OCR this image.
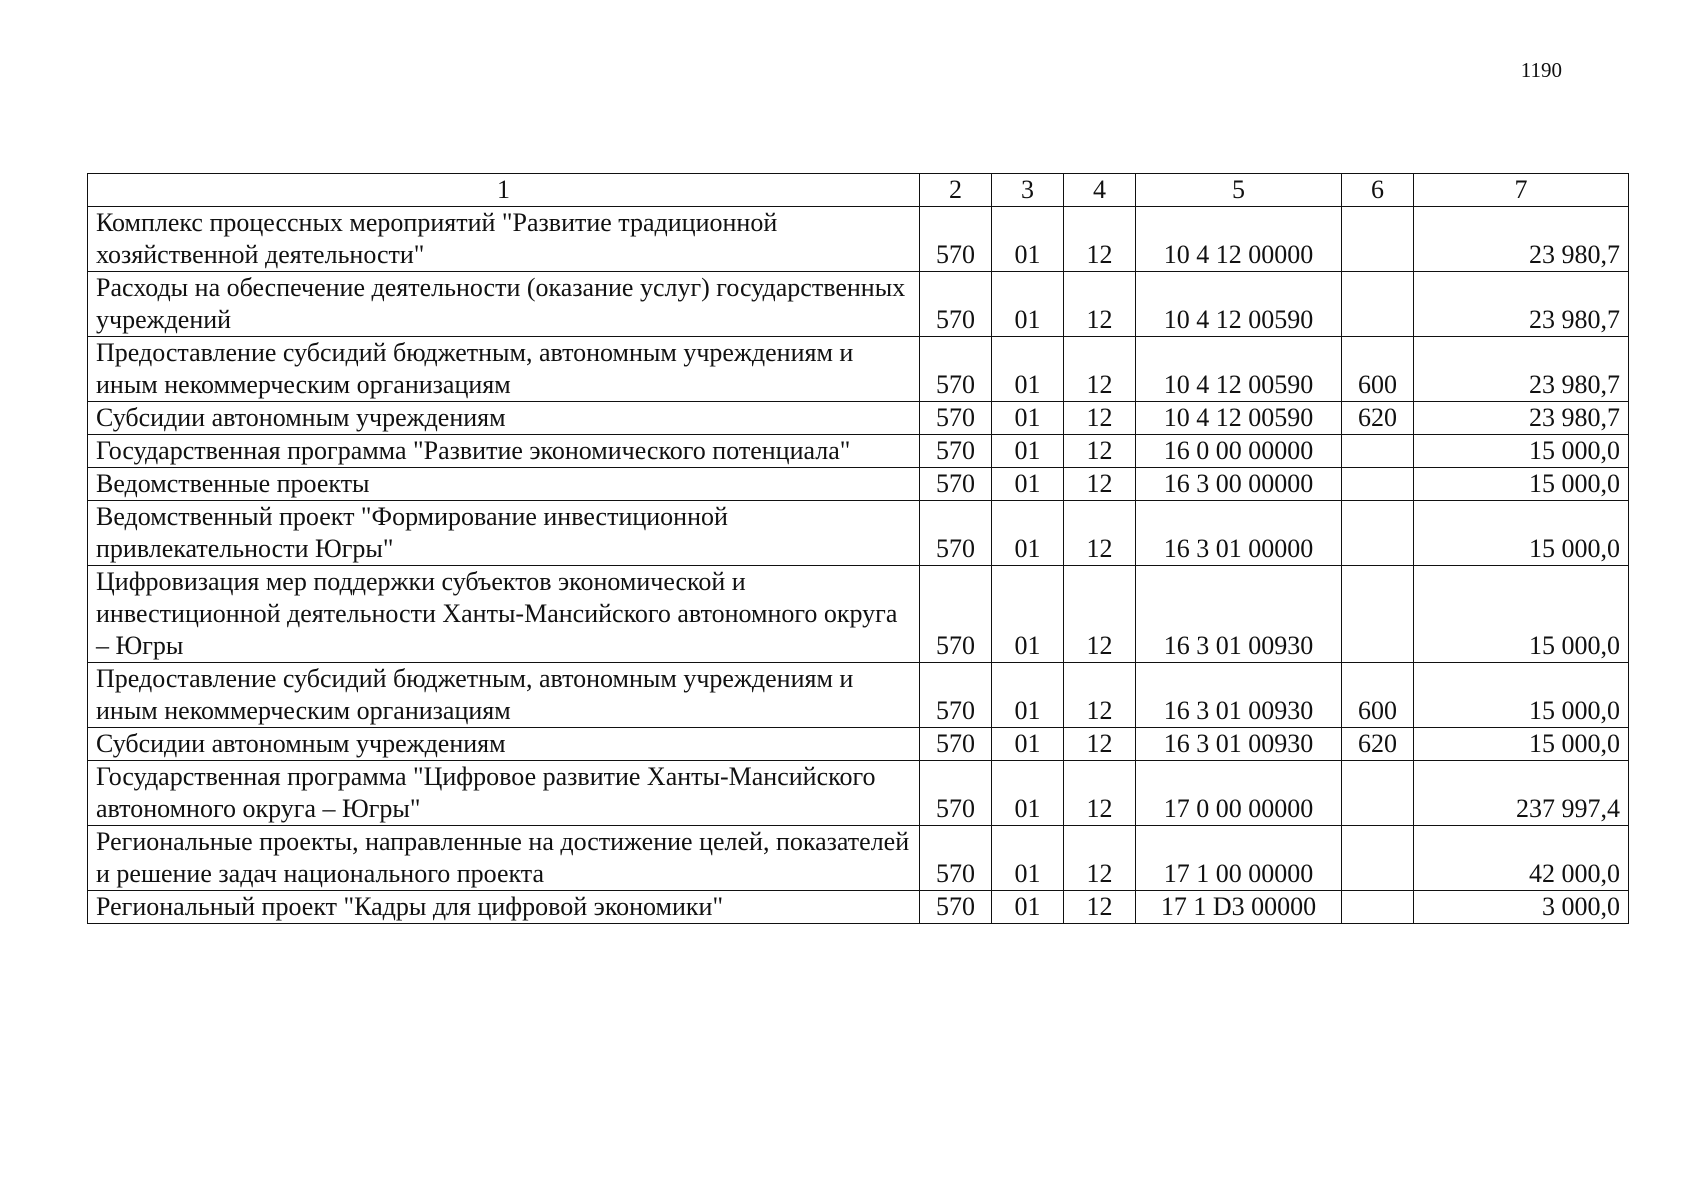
1190
1	2	3	4	5	6	7
Комплекс процессных мероприятий "Развитие традиционной хозяйственной деятельности"	570	01	12	10 4 12 00000		23 980,7
Расходы на обеспечение деятельности (оказание услуг) государственных учреждений	570	01	12	10 4 12 00590		23 980,7
Предоставление субсидий бюджетным, автономным учреждениям и иным некоммерческим организациям	570	01	12	10 4 12 00590	600	23 980,7
Субсидии автономным учреждениям	570	01	12	10 4 12 00590	620	23 980,7
Государственная программа "Развитие экономического потенциала"	570	01	12	16 0 00 00000		15 000,0
Ведомственные проекты	570	01	12	16 3 00 00000		15 000,0
Ведомственный проект "Формирование инвестиционной привлекательности Югры"	570	01	12	16 3 01 00000		15 000,0
Цифровизация мер поддержки субъектов экономической и инвестиционной деятельности Ханты-Мансийского автономного округа – Югры	570	01	12	16 3 01 00930		15 000,0
Предоставление субсидий бюджетным, автономным учреждениям и иным некоммерческим организациям	570	01	12	16 3 01 00930	600	15 000,0
Субсидии автономным учреждениям	570	01	12	16 3 01 00930	620	15 000,0
Государственная программа "Цифровое развитие Ханты-Мансийского автономного округа – Югры"	570	01	12	17 0 00 00000		237 997,4
Региональные проекты, направленные на достижение целей, показателей и решение задач национального проекта	570	01	12	17 1 00 00000		42 000,0
Региональный проект "Кадры для цифровой экономики"	570	01	12	17 1 D3 00000		3 000,0
